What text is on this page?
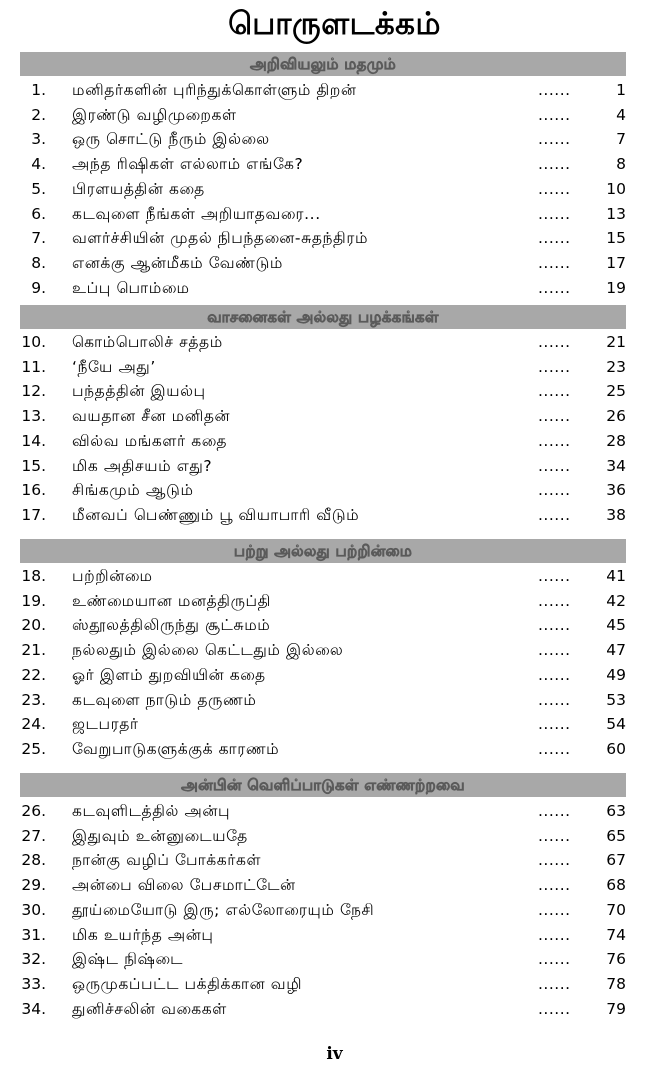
பொருளடக்கம்
அறிவியலும் மதமும்
1. மனிதர்களின் புரிந்துக்கொள்ளும் திறன்	......	1
2. இரண்டு வழிமுறைகள்	......	4
3. ஒரு சொட்டு நீரும் இல்லை	......	7
4. அந்த ரிஷிகள் எல்லாம் எங்கே?	......	8
5. பிரளயத்தின் கதை	...... 10
6. கடவுளை நீங்கள் அறியாதவரை...	...... 13
7. வளர்ச்சியின் முதல் நிபந்தனை-சுதந்திரம்	...... 15
8. எனக்கு ஆன்மீகம் வேண்டும்	...... 17
9. உப்பு பொம்மை	...... 19
வாசனைகள் அல்லது பழக்கங்கள்
10. கொம்பொலிச் சத்தம்	...... 21
11. ‘நீயே அது’	...... 23
12. பந்தத்தின் இயல்பு	...... 25
13. வயதான சீன மனிதன்	...... 26
14. வில்வ மங்களர் கதை	...... 28
15. மிக அதிசயம் எது?	...... 34
16. சிங்கமும் ஆடும்	...... 36
17. மீனவப் பெண்ணும் பூ வியாபாரி வீடும்	...... 38
பற்று அல்லது பற்றின்மை
18. பற்றின்மை	...... 41
19. உண்மையான மனத்திருப்தி	...... 42
20. ஸ்தூலத்திலிருந்து சூட்சுமம்	...... 45
21. நல்லதும் இல்லை கெட்டதும் இல்லை	...... 47
22. ஓர் இளம் துறவியின் கதை	...... 49
23. கடவுளை நாடும் தருணம்	...... 53
24. ஜடபரதர்	...... 54
25. வேறுபாடுகளுக்குக் காரணம்	...... 60
அன்பின் வெளிப்பாடுகள் எண்ணற்றவை
26. கடவுளிடத்தில் அன்பு	...... 63
27. இதுவும் உன்னுடையதே	...... 65
28. நான்கு வழிப் போக்கர்கள்	...... 67
29. அன்பை விலை பேசமாட்டேன்	...... 68
30. தூய்மையோடு இரு; எல்லோரையும் நேசி	...... 70
31. மிக உயர்ந்த அன்பு	...... 74
32. இஷ்ட நிஷ்டை	...... 76
33. ஒருமுகப்பட்ட பக்திக்கான வழி	...... 78
34. துனிச்சலின் வகைகள்	...... 79
iv
